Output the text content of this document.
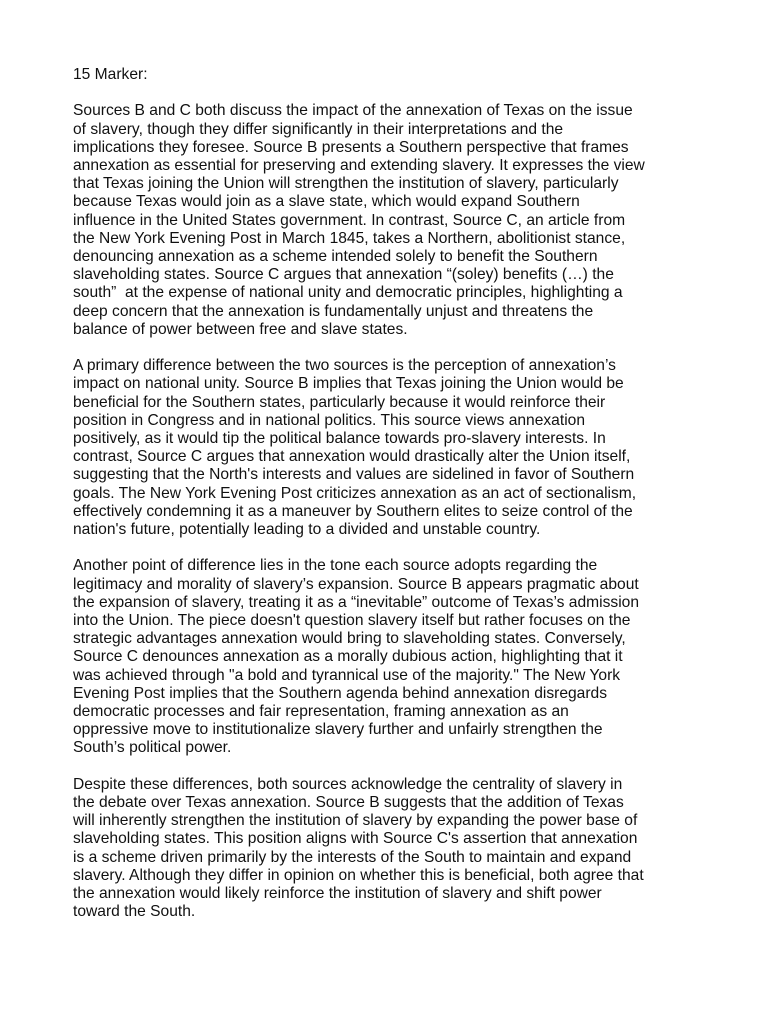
15 Marker:

Sources B and C both discuss the impact of the annexation of Texas on the issue
of slavery, though they differ significantly in their interpretations and the
implications they foresee. Source B presents a Southern perspective that frames
annexation as essential for preserving and extending slavery. It expresses the view
that Texas joining the Union will strengthen the institution of slavery, particularly
because Texas would join as a slave state, which would expand Southern
influence in the United States government. In contrast, Source C, an article from
the New York Evening Post in March 1845, takes a Northern, abolitionist stance,
denouncing annexation as a scheme intended solely to benefit the Southern
slaveholding states. Source C argues that annexation “(soley) benefits (…) the
south”  at the expense of national unity and democratic principles, highlighting a
deep concern that the annexation is fundamentally unjust and threatens the
balance of power between free and slave states.

A primary difference between the two sources is the perception of annexation’s
impact on national unity. Source B implies that Texas joining the Union would be
beneficial for the Southern states, particularly because it would reinforce their
position in Congress and in national politics. This source views annexation
positively, as it would tip the political balance towards pro-slavery interests. In
contrast, Source C argues that annexation would drastically alter the Union itself,
suggesting that the North's interests and values are sidelined in favor of Southern
goals. The New York Evening Post criticizes annexation as an act of sectionalism,
effectively condemning it as a maneuver by Southern elites to seize control of the
nation's future, potentially leading to a divided and unstable country.

Another point of difference lies in the tone each source adopts regarding the
legitimacy and morality of slavery’s expansion. Source B appears pragmatic about
the expansion of slavery, treating it as a “inevitable” outcome of Texas’s admission
into the Union. The piece doesn't question slavery itself but rather focuses on the
strategic advantages annexation would bring to slaveholding states. Conversely,
Source C denounces annexation as a morally dubious action, highlighting that it
was achieved through "a bold and tyrannical use of the majority." The New York
Evening Post implies that the Southern agenda behind annexation disregards
democratic processes and fair representation, framing annexation as an
oppressive move to institutionalize slavery further and unfairly strengthen the
South’s political power.

Despite these differences, both sources acknowledge the centrality of slavery in
the debate over Texas annexation. Source B suggests that the addition of Texas
will inherently strengthen the institution of slavery by expanding the power base of
slaveholding states. This position aligns with Source C's assertion that annexation
is a scheme driven primarily by the interests of the South to maintain and expand
slavery. Although they differ in opinion on whether this is beneficial, both agree that
the annexation would likely reinforce the institution of slavery and shift power
toward the South.
